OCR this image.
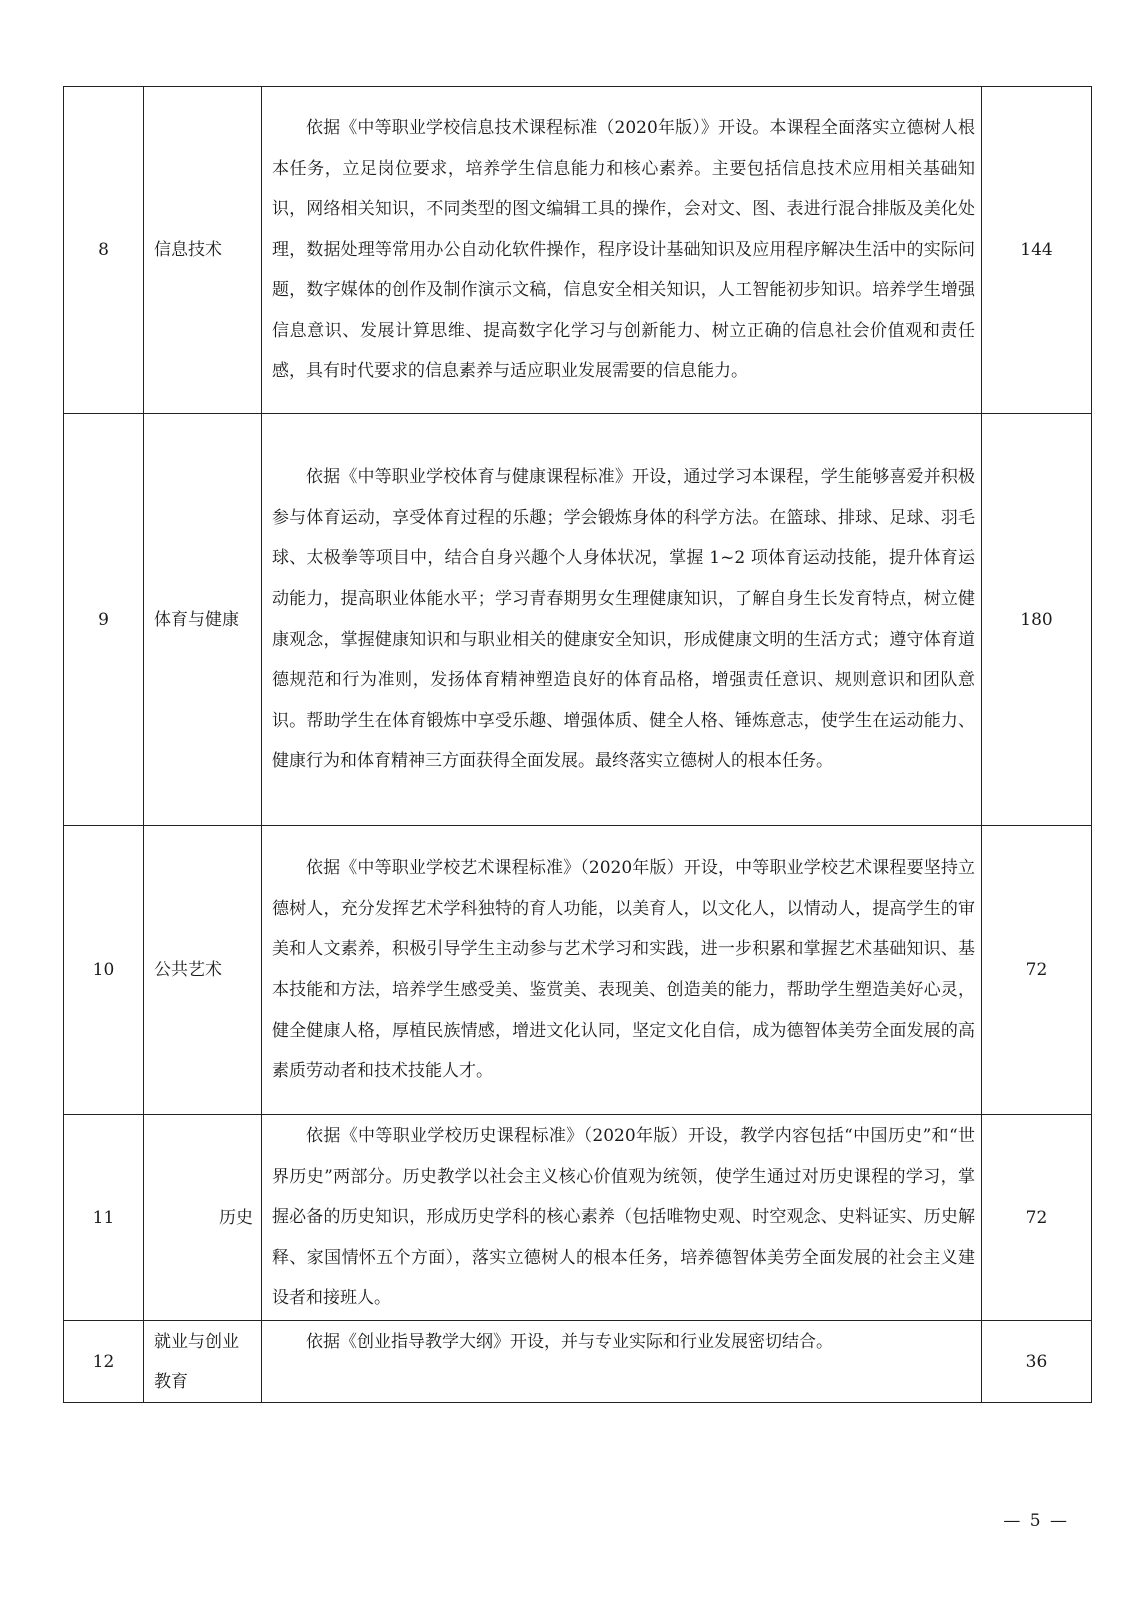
8	信息技术	依据《中等职业学校信息技术课程标准（2020年版）》开设。本课程全面落实立德树人根本任务，立足岗位要求，培养学生信息能力和核心素养。主要包括信息技术应用相关基础知识，网络相关知识，不同类型的图文编辑工具的操作，会对文、图、表进行混合排版及美化处理，数据处理等常用办公自动化软件操作，程序设计基础知识及应用程序解决生活中的实际问题，数字媒体的创作及制作演示文稿，信息安全相关知识，人工智能初步知识。培养学生增强信息意识、发展计算思维、提高数字化学习与创新能力、树立正确的信息社会价值观和责任感，具有时代要求的信息素养与适应职业发展需要的信息能力。	144
9	体育与健康	依据《中等职业学校体育与健康课程标准》开设，通过学习本课程，学生能够喜爱并积极参与体育运动，享受体育过程的乐趣；学会锻炼身体的科学方法。在篮球、排球、足球、羽毛球、太极拳等项目中，结合自身兴趣个人身体状况，掌握 1~2 项体育运动技能，提升体育运动能力，提高职业体能水平；学习青春期男女生理健康知识，了解自身生长发育特点，树立健康观念，掌握健康知识和与职业相关的健康安全知识，形成健康文明的生活方式；遵守体育道德规范和行为准则，发扬体育精神塑造良好的体育品格，增强责任意识、规则意识和团队意识。帮助学生在体育锻炼中享受乐趣、增强体质、健全人格、锤炼意志，使学生在运动能力、健康行为和体育精神三方面获得全面发展。最终落实立德树人的根本任务。	180
10	公共艺术	依据《中等职业学校艺术课程标准》（2020年版）开设，中等职业学校艺术课程要坚持立德树人，充分发挥艺术学科独特的育人功能，以美育人，以文化人，以情动人，提高学生的审美和人文素养，积极引导学生主动参与艺术学习和实践，进一步积累和掌握艺术基础知识、基本技能和方法，培养学生感受美、鉴赏美、表现美、创造美的能力，帮助学生塑造美好心灵，健全健康人格，厚植民族情感，增进文化认同，坚定文化自信，成为德智体美劳全面发展的高素质劳动者和技术技能人才。	72
11	历史	依据《中等职业学校历史课程标准》（2020年版）开设，教学内容包括“中国历史”和“世界历史”两部分。历史教学以社会主义核心价值观为统领，使学生通过对历史课程的学习，掌握必备的历史知识，形成历史学科的核心素养（包括唯物史观、时空观念、史料证实、历史解释、家国情怀五个方面），落实立德树人的根本任务，培养德智体美劳全面发展的社会主义建设者和接班人。	72
12	就业与创业教育	依据《创业指导教学大纲》开设，并与专业实际和行业发展密切结合。	36
— 5 —
